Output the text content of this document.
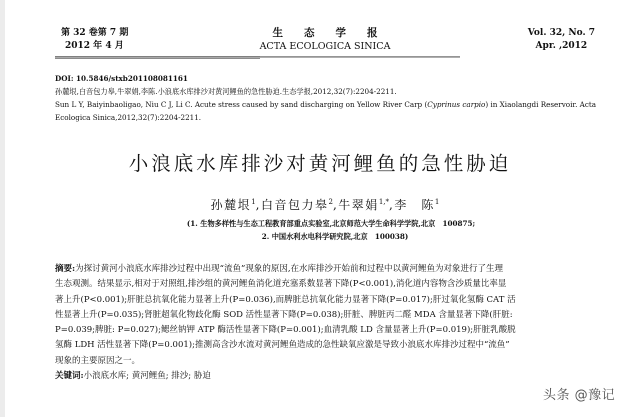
第 32 卷第 7 期
2012 年 4 月
生态学报
ACTA ECOLOGICA SINICA
Vol. 32, No. 7
Apr. ,2012
DOI: 10.5846/stxb201108081161
孙麓垠,白音包力皋,牛翠娟,李陈.小浪底水库排沙对黄河鲤鱼的急性胁迫.生态学报,2012,32(7):2204-2211.
Sun L Y, Baiyinbaoligao, Niu C J, Li C. Acute stress caused by sand discharging on Yellow River Carp (Cyprinus carpio) in Xiaolangdi Reservoir. Acta
Ecologica Sinica,2012,32(7):2204-2211.
小浪底水库排沙对黄河鲤鱼的急性胁迫
孙麓垠$^1$,白音包力皋$^2$,牛翠娟$^{1,*}$,李　陈$^1$
(1. 生物多样性与生态工程教育部重点实验室,北京师范大学生命科学学院,北京　100875;
2. 中国水利水电科学研究院,北京　100038)
摘要:为探讨黄河小浪底水库排沙过程中出现“流鱼”现象的原因,在水库排沙开始前和过程中以黄河鲤鱼为对象进行了生理
生态观测。结果显示,相对于对照组,排沙组的黄河鲤鱼消化道充塞系数显著下降(P<0.001),消化道内容物含沙质量比率显
著上升(P<0.001);肝脏总抗氧化能力显著上升(P=0.036),而脾脏总抗氧化能力显著下降(P=0.017);肝过氧化氢酶 CAT 活
性显著上升(P=0.035);肾脏超氧化物歧化酶 SOD 活性显著下降(P=0.038);肝脏、脾脏丙二醛 MDA 含量显著下降(肝脏:
P=0.039;脾脏: P=0.027);鳃丝钠钾 ATP 酶活性显著下降(P=0.001);血清乳酸 LD 含量显著上升(P=0.019);肝脏乳酸脱
氢酶 LDH 活性显著下降(P=0.001);推测高含沙水流对黄河鲤鱼造成的急性缺氧应激是导致小浪底水库排沙过程中“流鱼”
现象的主要原因之一。
关键词:小浪底水库; 黄河鲤鱼; 排沙; 胁迫
头条 @豫记
